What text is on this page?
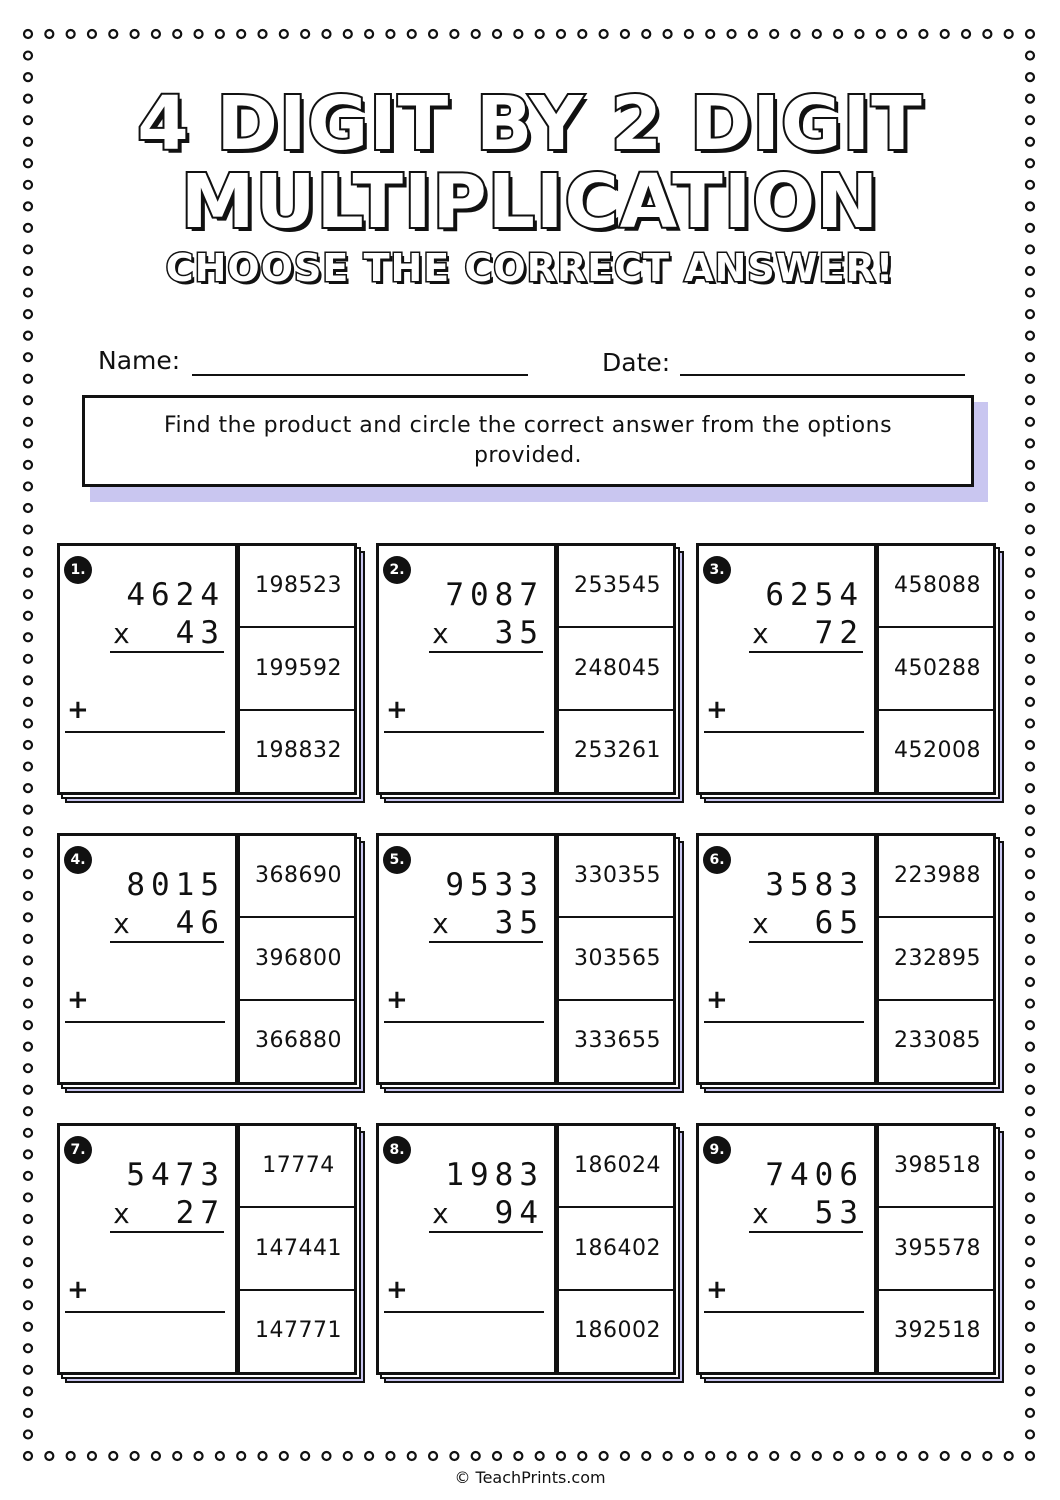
4 DIGIT BY 2 DIGIT
MULTIPLICATION
CHOOSE THE CORRECT ANSWER!
Name:	Date:
Find the product and circle the correct answer from the options provided.
1.
4624
x 43
+
198523
199592
198832
2.
7087
x 35
+
253545
248045
253261
3.
6254
x 72
+
458088
450288
452008
4.
8015
x 46
+
368690
396800
366880
5.
9533
x 35
+
330355
303565
333655
6.
3583
x 65
+
223988
232895
233085
7.
5473
x 27
+
17774
147441
147771
8.
1983
x 94
+
186024
186402
186002
9.
7406
x 53
+
398518
395578
392518
© TeachPrints.com
